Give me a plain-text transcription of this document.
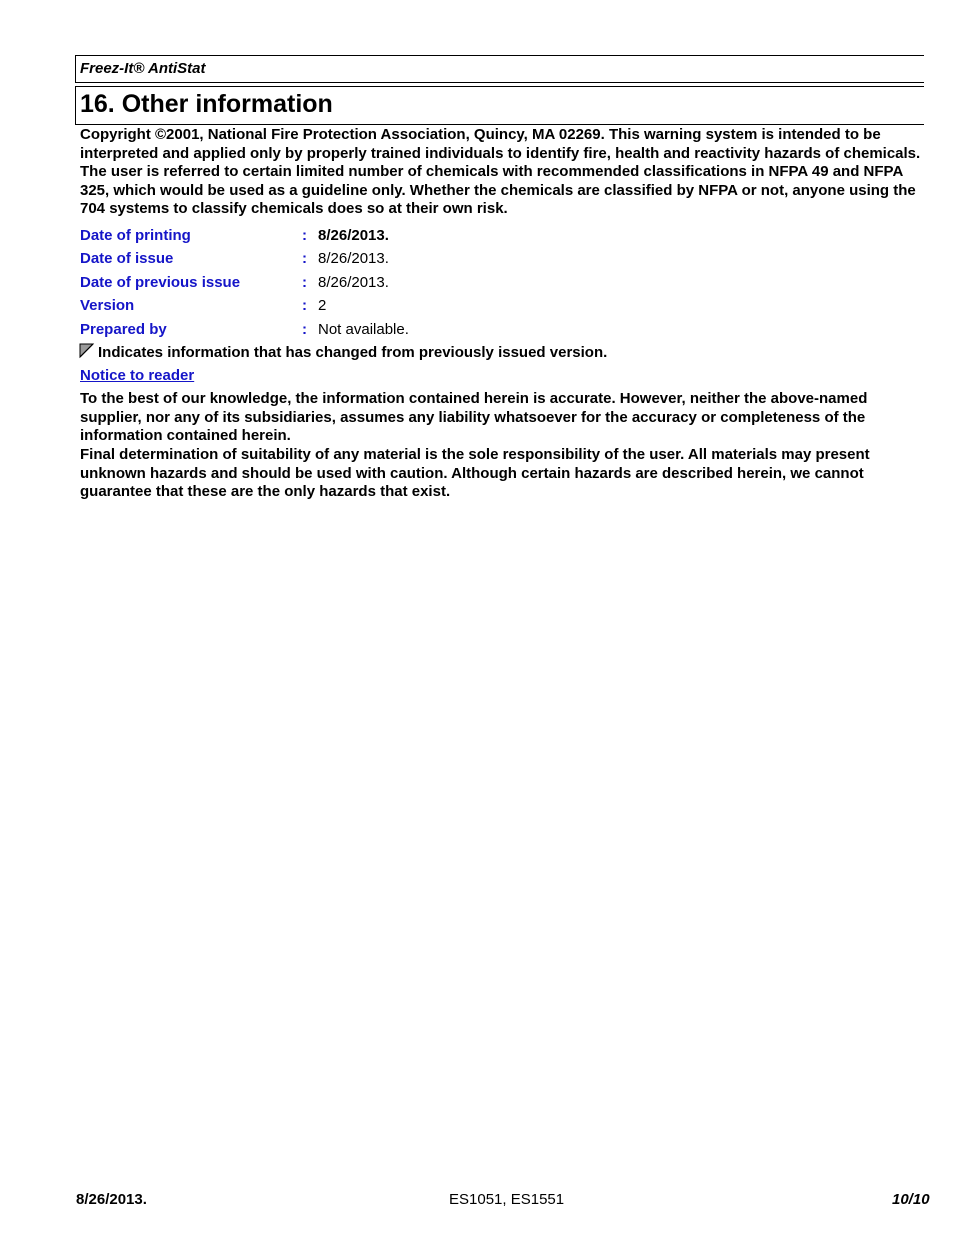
Freez-It® AntiStat
16. Other information

Copyright ©2001, National Fire Protection Association, Quincy, MA 02269. This warning system is intended to be interpreted and applied only by properly trained individuals to identify fire, health and reactivity hazards of chemicals. The user is referred to certain limited number of chemicals with recommended classifications in NFPA 49 and NFPA 325, which would be used as a guideline only. Whether the chemicals are classified by NFPA or not, anyone using the 704 systems to classify chemicals does so at their own risk.

Date of printing	: 8/26/2013.
Date of issue	: 8/26/2013.
Date of previous issue	: 8/26/2013.
Version	: 2
Prepared by	: Not available.
Indicates information that has changed from previously issued version.
Notice to reader

To the best of our knowledge, the information contained herein is accurate. However, neither the above-named supplier, nor any of its subsidiaries, assumes any liability whatsoever for the accuracy or completeness of the information contained herein.

Final determination of suitability of any material is the sole responsibility of the user. All materials may present unknown hazards and should be used with caution. Although certain hazards are described herein, we cannot guarantee that these are the only hazards that exist.

8/26/2013.	ES1051, ES1551	10/10
